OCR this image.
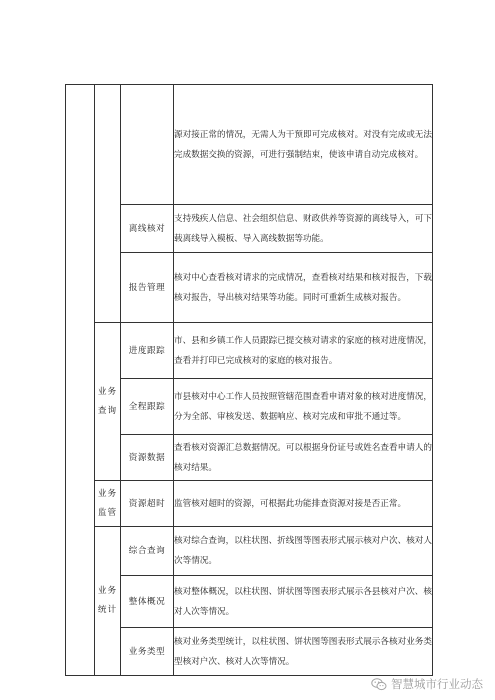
			源对接正常的情况，无需人为干预即可完成核对。对没有完成或无法完成数据交换的资源，可进行强制结束，使该申请自动完成核对。

		离线核对	支持残疾人信息、社会组织信息、财政供养等资源的离线导入，可下载离线导入模板、导入离线数据等功能。

		报告管理	核对中心查看核对请求的完成情况，查看核对结果和核对报告，下载核对报告，导出核对结果等功能。同时可重新生成核对报告。

	业务查询	进度跟踪	市、县和乡镇工作人员跟踪已提交核对请求的家庭的核对进度情况，查看并打印已完成核对的家庭的核对报告。

		全程跟踪	市县核对中心工作人员按照管辖范围查看申请对象的核对进度情况，分为全部、审核发送、数据响应、核对完成和审批不通过等。

		资源数据	查看核对资源汇总数据情况。可以根据身份证号或姓名查看申请人的核对结果。

	业务监管	资源超时	监管核对超时的资源，可根据此功能排查资源对接是否正常。

	业务统计	综合查询	核对综合查询，以柱状图、折线图等图表形式展示核对户次、核对人次等情况。

		整体概况	核对整体概况，以柱状图、饼状图等图表形式展示各县核对户次、核对人次等情况。

		业务类型	核对业务类型统计，以柱状图、饼状图等图表形式展示各核对业务类型核对户次、核对人次等情况。
智慧城市行业动态
